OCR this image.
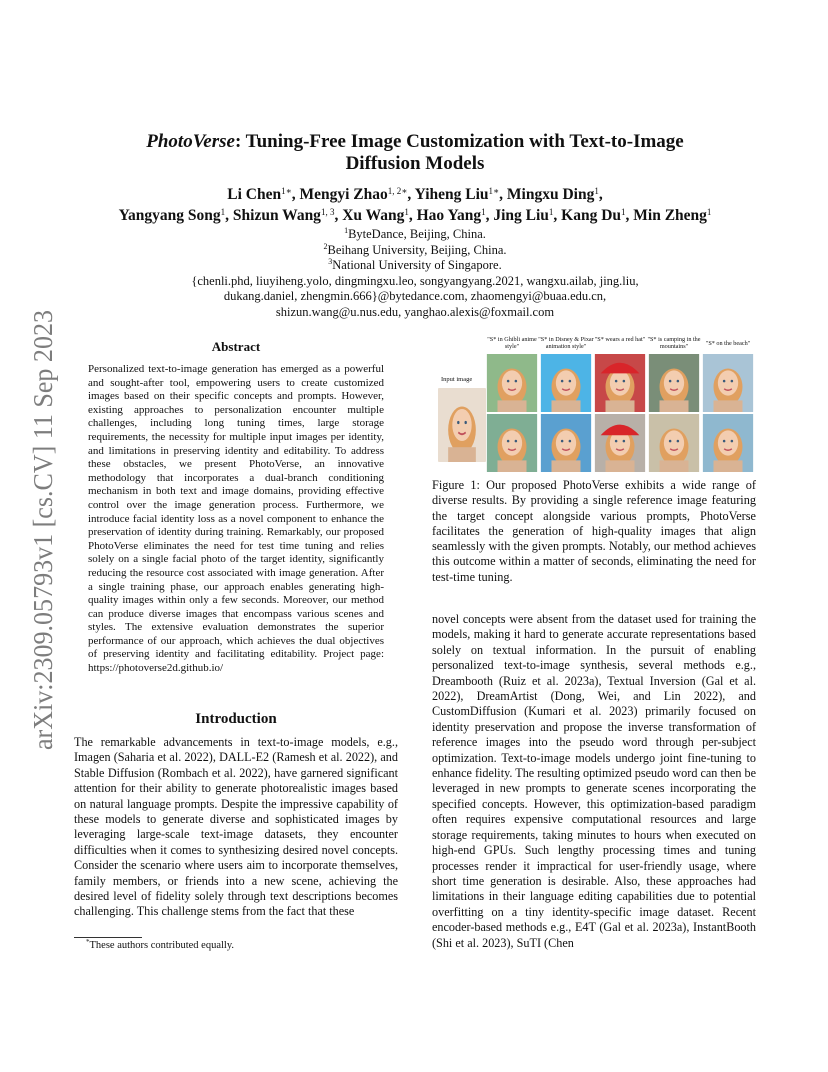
arXiv:2309.05793v1 [cs.CV] 11 Sep 2023
PhotoVerse: Tuning-Free Image Customization with Text-to-Image
Diffusion Models
Li Chen$^{1∗}$, Mengyi Zhao$^{1, 2∗}$, Yiheng Liu$^{1∗}$, Mingxu Ding$^1$,
Yangyang Song$^1$, Shizun Wang$^{1, 3}$, Xu Wang$^1$, Hao Yang$^1$, Jing Liu$^1$, Kang Du$^1$, Min Zheng$^1$
$^1$ByteDance, Beijing, China.
$^2$Beihang University, Beijing, China.
$^3$National University of Singapore.
{chenli.phd, liuyiheng.yolo, dingmingxu.leo, songyangyang.2021, wangxu.ailab, jing.liu,
dukang.daniel, zhengmin.666}@bytedance.com, zhaomengyi@buaa.edu.cn,
shizun.wang@u.nus.edu, yanghao.alexis@foxmail.com
Abstract

Personalized text-to-image generation has emerged as a powerful and sought-after tool, empowering users to create customized images based on their specific concepts and prompts. However, existing approaches to personalization encounter multiple challenges, including long tuning times, large storage requirements, the necessity for multiple input images per identity, and limitations in preserving identity and editability. To address these obstacles, we present PhotoVerse, an innovative methodology that incorporates a dual-branch conditioning mechanism in both text and image domains, providing effective control over the image generation process. Furthermore, we introduce facial identity loss as a novel component to enhance the preservation of identity during training. Remarkably, our proposed PhotoVerse eliminates the need for test time tuning and relies solely on a single facial photo of the target identity, significantly reducing the resource cost associated with image generation. After a single training phase, our approach enables generating high-quality images within only a few seconds. Moreover, our method can produce diverse images that encompass various scenes and styles. The extensive evaluation demonstrates the superior performance of our approach, which achieves the dual objectives of preserving identity and facilitating editability. Project page: https://photoverse2d.github.io/

Introduction

The remarkable advancements in text-to-image models, e.g., Imagen (Saharia et al. 2022), DALL-E2 (Ramesh et al. 2022), and Stable Diffusion (Rombach et al. 2022), have garnered significant attention for their ability to generate photorealistic images based on natural language prompts. Despite the impressive capability of these models to generate diverse and sophisticated images by leveraging large-scale text-image datasets, they encounter difficulties when it comes to synthesizing desired novel concepts. Consider the scenario where users aim to incorporate themselves, family members, or friends into a new scene, achieving the desired level of fidelity solely through text descriptions becomes challenging. This challenge stems from the fact that these

*These authors contributed equally.
Input image
"S* in Ghibli anime style"
"S* in Disney & Pixar animation style"
"S* wears a red hat" "S* is camping in the mountains"	"S* on the beach"

Figure 1: Our proposed PhotoVerse exhibits a wide range of diverse results. By providing a single reference image featuring the target concept alongside various prompts, PhotoVerse facilitates the generation of high-quality images that align seamlessly with the given prompts. Notably, our method achieves this outcome within a matter of seconds, eliminating the need for test-time tuning.

novel concepts were absent from the dataset used for training the models, making it hard to generate accurate representations based solely on textual information. In the pursuit of enabling personalized text-to-image synthesis, several methods e.g., Dreambooth (Ruiz et al. 2023a), Textual Inversion (Gal et al. 2022), DreamArtist (Dong, Wei, and Lin 2022), and CustomDiffusion (Kumari et al. 2023) primarily focused on identity preservation and propose the inverse transformation of reference images into the pseudo word through per-subject optimization. Text-to-image models undergo joint fine-tuning to enhance fidelity. The resulting optimized pseudo word can then be leveraged in new prompts to generate scenes incorporating the specified concepts. However, this optimization-based paradigm often requires expensive computational resources and large storage requirements, taking minutes to hours when executed on high-end GPUs. Such lengthy processing times and tuning processes render it impractical for user-friendly usage, where short time generation is desirable. Also, these approaches had limitations in their language editing capabilities due to potential overfitting on a tiny identity-specific image dataset. Recent encoder-based methods e.g., E4T (Gal et al. 2023a), InstantBooth (Shi et al. 2023), SuTI (Chen
